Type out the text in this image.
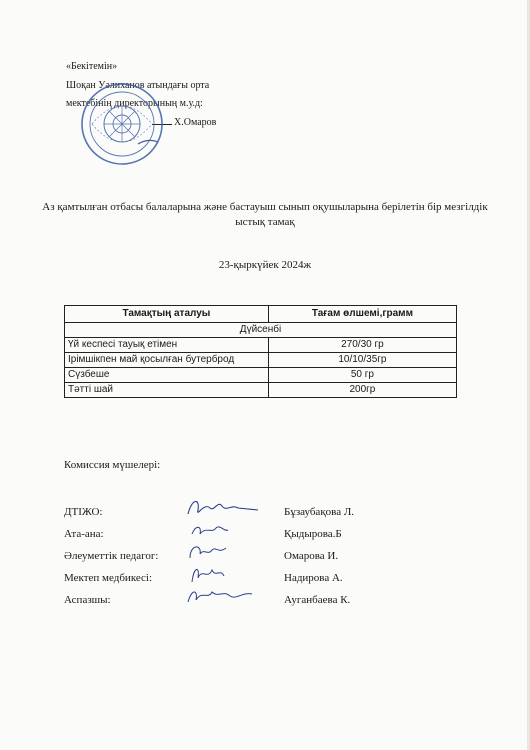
«Бекітемін»
Шоқан Уәлиханов атындағы орта
мектебінің директорының м.у.д:
Х.Омаров
Аз қамтылған отбасы балаларына және бастауыш сынып оқушыларына берілетін бір мезгілдік ыстық тамақ
23-қыркүйек 2024ж
Тамақтың аталуы	Тағам өлшемі,грамм
Дүйсенбі	
Үй кеспесі тауық етімен	270/30 гр
Ірімшікпен май қосылған бутерброд	10/10/35гр
Сүзбеше	50 гр
Тәтті шай	200гр
Комиссия мүшелері:
ДТІЖО:	Бұзаубақова Л.
Ата-ана:	Қыдырова.Б
Әлеуметтік педагог:	Омарова И.
Мектеп медбикесі:	Надирова А.
Аспазшы:	Ауганбаева К.
